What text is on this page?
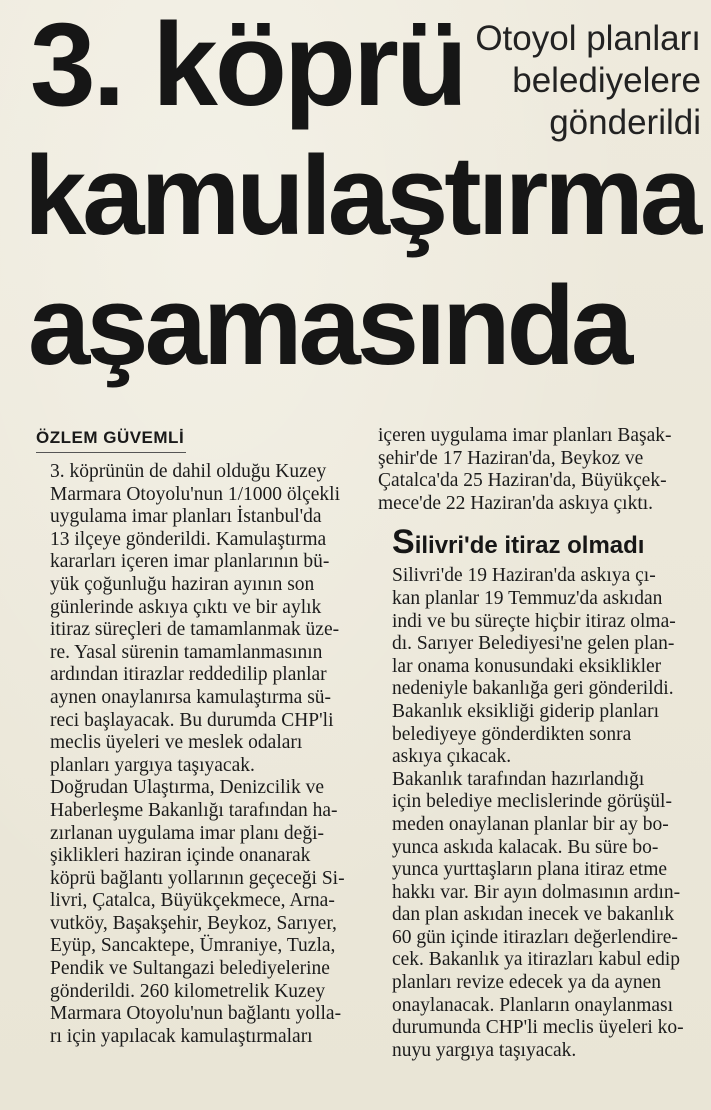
3. köprü
kamulaştırma
aşamasında
Otoyol planları
belediyelere
gönderildi
ÖZLEM GÜVEMLİ

3. köprünün de dahil olduğu Kuzey
Marmara Otoyolu'nun 1/1000 ölçekli
uygulama imar planları İstanbul'da
13 ilçeye gönderildi. Kamulaştırma
kararları içeren imar planlarının bü-
yük çoğunluğu haziran ayının son
günlerinde askıya çıktı ve bir aylık
itiraz süreçleri de tamamlanmak üze-
re. Yasal sürenin tamamlanmasının
ardından itirazlar reddedilip planlar
aynen onaylanırsa kamulaştırma sü-
reci başlayacak. Bu durumda CHP'li
meclis üyeleri ve meslek odaları
planları yargıya taşıyacak.

Doğrudan Ulaştırma, Denizcilik ve
Haberleşme Bakanlığı tarafından ha-
zırlanan uygulama imar planı deği-
şiklikleri haziran içinde onanarak
köprü bağlantı yollarının geçeceği Si-
livri, Çatalca, Büyükçekmece, Arna-
vutköy, Başakşehir, Beykoz, Sarıyer,
Eyüp, Sancaktepe, Ümraniye, Tuzla,
Pendik ve Sultangazi belediyelerine
gönderildi. 260 kilometrelik Kuzey
Marmara Otoyolu'nun bağlantı yolla-
rı için yapılacak kamulaştırmaları

içeren uygulama imar planları Başak-
şehir'de 17 Haziran'da, Beykoz ve
Çatalca'da 25 Haziran'da, Büyükçek-
mece'de 22 Haziran'da askıya çıktı.

Silivri'de itiraz olmadı

Silivri'de 19 Haziran'da askıya çı-
kan planlar 19 Temmuz'da askıdan
indi ve bu süreçte hiçbir itiraz olma-
dı. Sarıyer Belediyesi'ne gelen plan-
lar onama konusundaki eksiklikler
nedeniyle bakanlığa geri gönderildi.
Bakanlık eksikliği giderip planları
belediyeye gönderdikten sonra
askıya çıkacak.

Bakanlık tarafından hazırlandığı
için belediye meclislerinde görüşül-
meden onaylanan planlar bir ay bo-
yunca askıda kalacak. Bu süre bo-
yunca yurttaşların plana itiraz etme
hakkı var. Bir ayın dolmasının ardın-
dan plan askıdan inecek ve bakanlık
60 gün içinde itirazları değerlendire-
cek. Bakanlık ya itirazları kabul edip
planları revize edecek ya da aynen
onaylanacak. Planların onaylanması
durumunda CHP'li meclis üyeleri ko-
nuyu yargıya taşıyacak.
